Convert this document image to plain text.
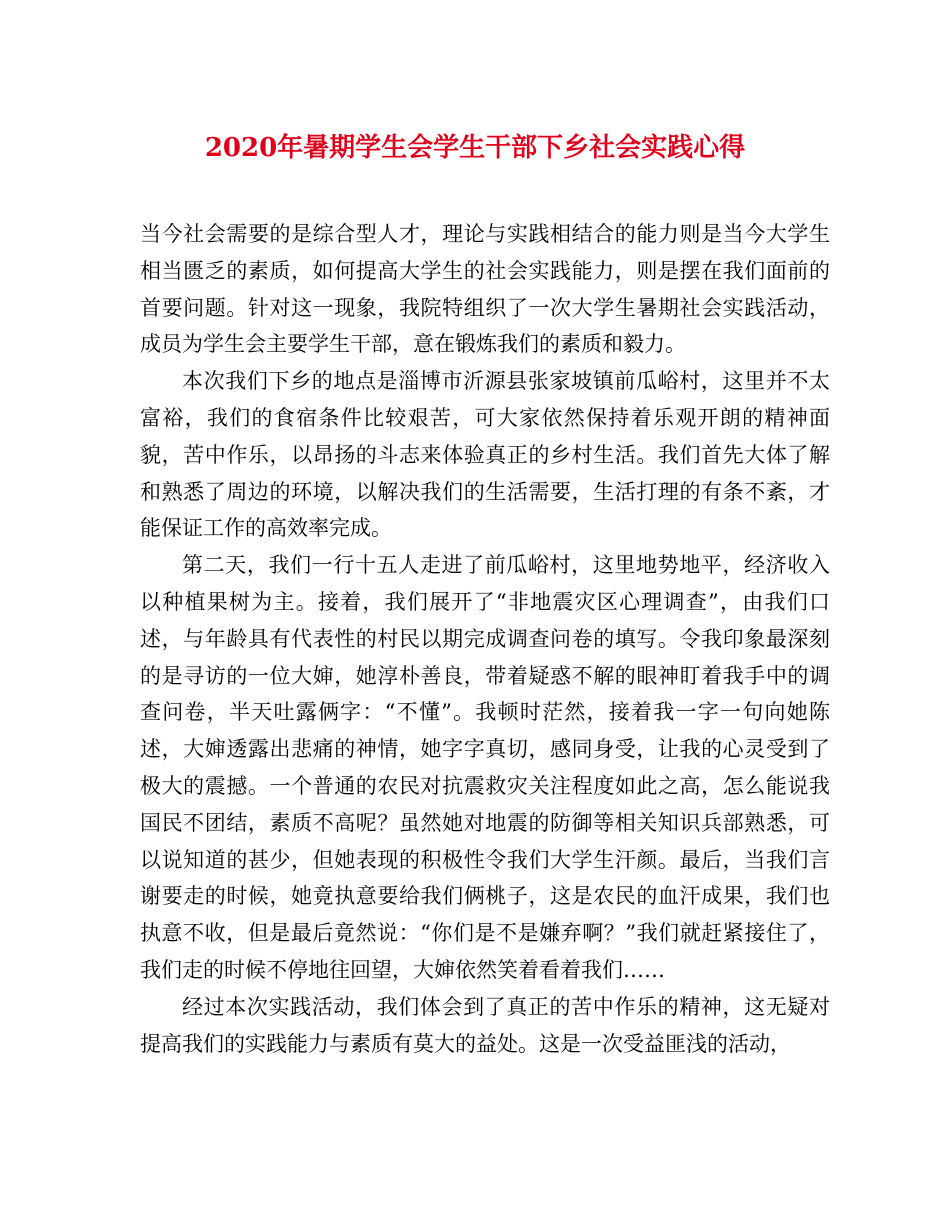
2020年暑期学生会学生干部下乡社会实践心得

当今社会需要的是综合型人才，理论与实践相结合的能力则是当今大学生相当匮乏的素质，如何提高大学生的社会实践能力，则是摆在我们面前的首要问题。针对这一现象，我院特组织了一次大学生暑期社会实践活动，成员为学生会主要学生干部，意在锻炼我们的素质和毅力。

本次我们下乡的地点是淄博市沂源县张家坡镇前瓜峪村，这里并不太富裕，我们的食宿条件比较艰苦，可大家依然保持着乐观开朗的精神面貌，苦中作乐，以昂扬的斗志来体验真正的乡村生活。我们首先大体了解和熟悉了周边的环境，以解决我们的生活需要，生活打理的有条不紊，才能保证工作的高效率完成。

第二天，我们一行十五人走进了前瓜峪村，这里地势地平，经济收入以种植果树为主。接着，我们展开了“非地震灾区心理调查”，由我们口述，与年龄具有代表性的村民以期完成调查问卷的填写。令我印象最深刻的是寻访的一位大婶，她淳朴善良，带着疑惑不解的眼神盯着我手中的调查问卷，半天吐露俩字：“不懂”。我顿时茫然，接着我一字一句向她陈述，大婶透露出悲痛的神情，她字字真切，感同身受，让我的心灵受到了极大的震撼。一个普通的农民对抗震救灾关注程度如此之高，怎么能说我国民不团结，素质不高呢？虽然她对地震的防御等相关知识兵部熟悉，可以说知道的甚少，但她表现的积极性令我们大学生汗颜。最后，当我们言谢要走的时候，她竟执意要给我们俩桃子，这是农民的血汗成果，我们也执意不收，但是最后竟然说：“你们是不是嫌弃啊？”我们就赶紧接住了，我们走的时候不停地往回望，大婶依然笑着看着我们……

经过本次实践活动，我们体会到了真正的苦中作乐的精神，这无疑对提高我们的实践能力与素质有莫大的益处。这是一次受益匪浅的活动，
